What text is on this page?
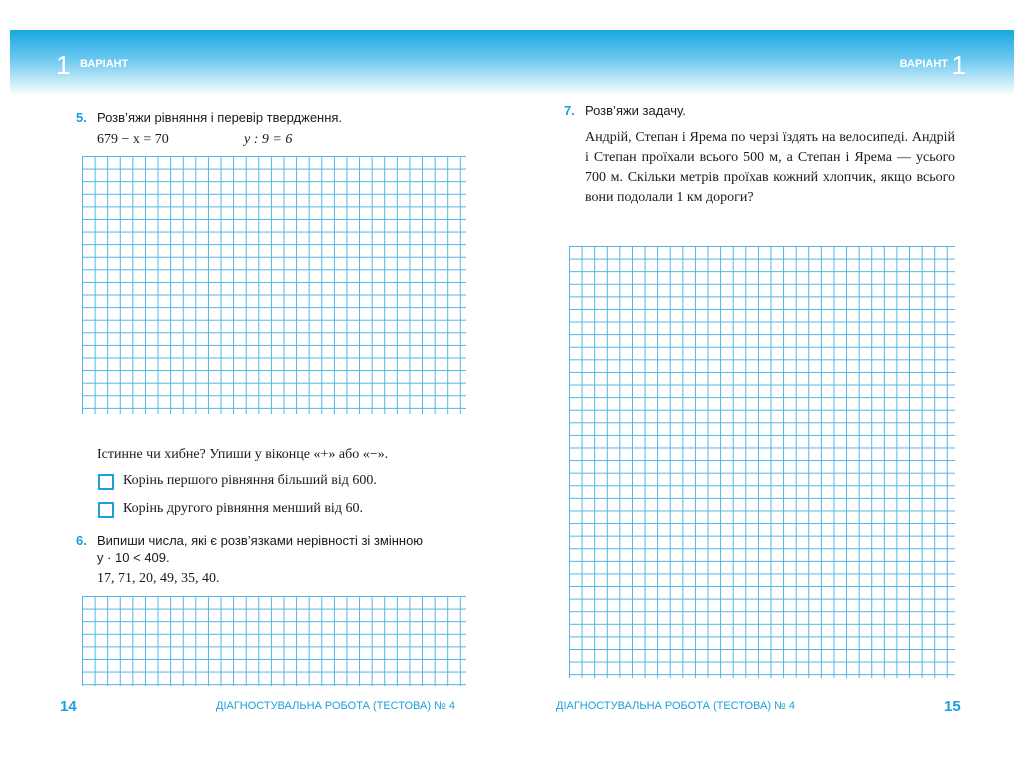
1 ВАРІАНТ
5. Розв’яжи рівняння і перевір твердження.
679 − x = 70	y : 9 = 6
Істинне чи хибне? Упиши у віконце «+» або «−».
Корінь першого рівняння більший від 600.
Корінь другого рівняння менший від 60.
6. Випиши числа, які є розв’язками нерівності зі змінною
y · 10 < 409.
17, 71, 20, 49, 35, 40.
14	ДІАГНОСТУВАЛЬНА РОБОТА (ТЕСТОВА) № 4
ВАРІАНТ 1
7. Розв’яжи задачу.
Андрій, Степан і Ярема по черзі їздять на велосипеді. Андрій і Степан проїхали всього 500 м, а Степан і Ярема — усього 700 м. Скільки метрів проїхав кожний хлопчик, якщо всього вони подолали 1 км дороги?
ДІАГНОСТУВАЛЬНА РОБОТА (ТЕСТОВА) № 4	15
